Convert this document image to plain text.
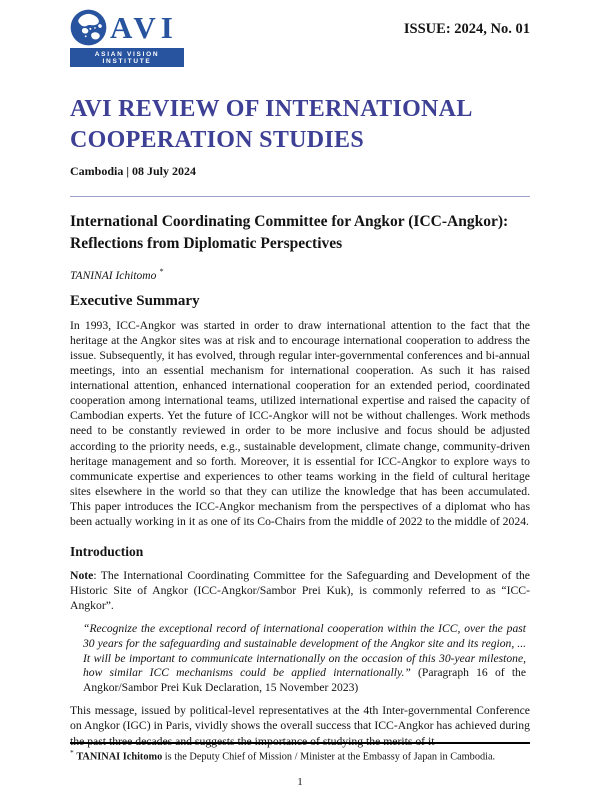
AVI
ASIAN VISION INSTITUTE
ISSUE: 2024, No. 01
AVI REVIEW OF INTERNATIONAL
COOPERATION STUDIES
Cambodia | 08 July 2024
International Coordinating Committee for Angkor (ICC-Angkor):
Reflections from Diplomatic Perspectives
TANINAI Ichitomo *
Executive Summary

In 1993, ICC-Angkor was started in order to draw international attention to the fact that the heritage at the Angkor sites was at risk and to encourage international cooperation to address the issue. Subsequently, it has evolved, through regular inter-governmental conferences and bi-annual meetings, into an essential mechanism for international cooperation. As such it has raised international attention, enhanced international cooperation for an extended period, coordinated cooperation among international teams, utilized international expertise and raised the capacity of Cambodian experts. Yet the future of ICC-Angkor will not be without challenges. Work methods need to be constantly reviewed in order to be more inclusive and focus should be adjusted according to the priority needs, e.g., sustainable development, climate change, community-driven heritage management and so forth. Moreover, it is essential for ICC-Angkor to explore ways to communicate expertise and experiences to other teams working in the field of cultural heritage sites elsewhere in the world so that they can utilize the knowledge that has been accumulated. This paper introduces the ICC-Angkor mechanism from the perspectives of a diplomat who has been actually working in it as one of its Co-Chairs from the middle of 2022 to the middle of 2024.

Introduction

Note: The International Coordinating Committee for the Safeguarding and Development of the Historic Site of Angkor (ICC-Angkor/Sambor Prei Kuk), is commonly referred to as “ICC-Angkor”.

“Recognize the exceptional record of international cooperation within the ICC, over the past 30 years for the safeguarding and sustainable development of the Angkor site and its region, ... It will be important to communicate internationally on the occasion of this 30-year milestone, how similar ICC mechanisms could be applied internationally.” (Paragraph 16 of the Angkor/Sambor Prei Kuk Declaration, 15 November 2023)

This message, issued by political-level representatives at the 4th Inter-governmental Conference on Angkor (IGC) in Paris, vividly shows the overall success that ICC-Angkor has achieved during the past three decades and suggests the importance of studying the merits of it

* TANINAI Ichitomo is the Deputy Chief of Mission / Minister at the Embassy of Japan in Cambodia.

1
